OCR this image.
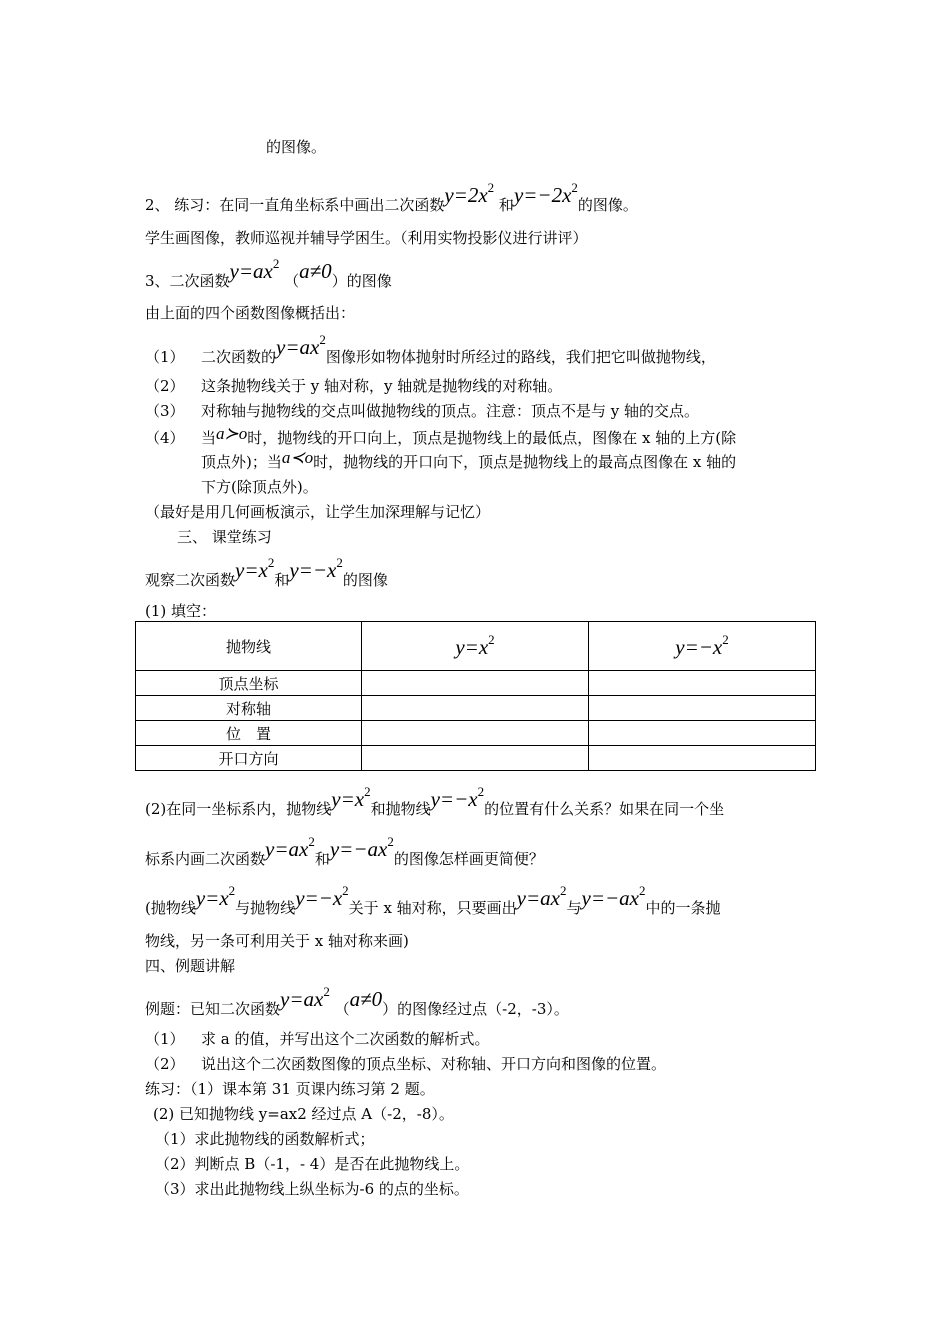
的图像。
2、 练习：在同一直角坐标系中画出二次函数$y=2x^2$ 和$y=-2x^2$的图像。
学生画图像，教师巡视并辅导学困生。（利用实物投影仪进行讲评）
3、二次函数$y=ax^2$ （a≠0）的图像
由上面的四个函数图像概括出：
（1） 二次函数的$y=ax^2$图像形如物体抛射时所经过的路线，我们把它叫做抛物线，
（2） 这条抛物线关于 y 轴对称，y 轴就是抛物线的对称轴。
（3） 对称轴与抛物线的交点叫做抛物线的顶点。注意：顶点不是与 y 轴的交点。
（4） 当a≻o时，抛物线的开口向上，顶点是抛物线上的最低点，图像在 x 轴的上方(除
顶点外)；当a≺o时，抛物线的开口向下，顶点是抛物线上的最高点图像在 x 轴的
下方(除顶点外)。
（最好是用几何画板演示，让学生加深理解与记忆）
三、 课堂练习
观察二次函数$y=x^2$和$y=-x^2$的图像
(1) 填空：
抛物线	$y=x^2$	$y=-x^2$
顶点坐标		
对称轴		
位　置		
开口方向		
(2)在同一坐标系内，抛物线$y=x^2$和抛物线$y=-x^2$的位置有什么关系？如果在同一个坐
标系内画二次函数$y=ax^2$和$y=-ax^2$的图像怎样画更简便？
(抛物线$y=x^2$与抛物线$y=-x^2$关于 x 轴对称，只要画出$y=ax^2$与$y=-ax^2$中的一条抛
物线，另一条可利用关于 x 轴对称来画)
四、例题讲解
例题：已知二次函数$y=ax^2$ （a≠0）的图像经过点（-2，-3）。
（1） 求 a 的值，并写出这个二次函数的解析式。
（2） 说出这个二次函数图像的顶点坐标、对称轴、开口方向和图像的位置。
练习：（1）课本第 31 页课内练习第 2 题。
(2) 已知抛物线 y=ax2 经过点 A（-2，-8）。
（1）求此抛物线的函数解析式；
（2）判断点 B（-1，- 4）是否在此抛物线上。
（3）求出此抛物线上纵坐标为-6 的点的坐标。
